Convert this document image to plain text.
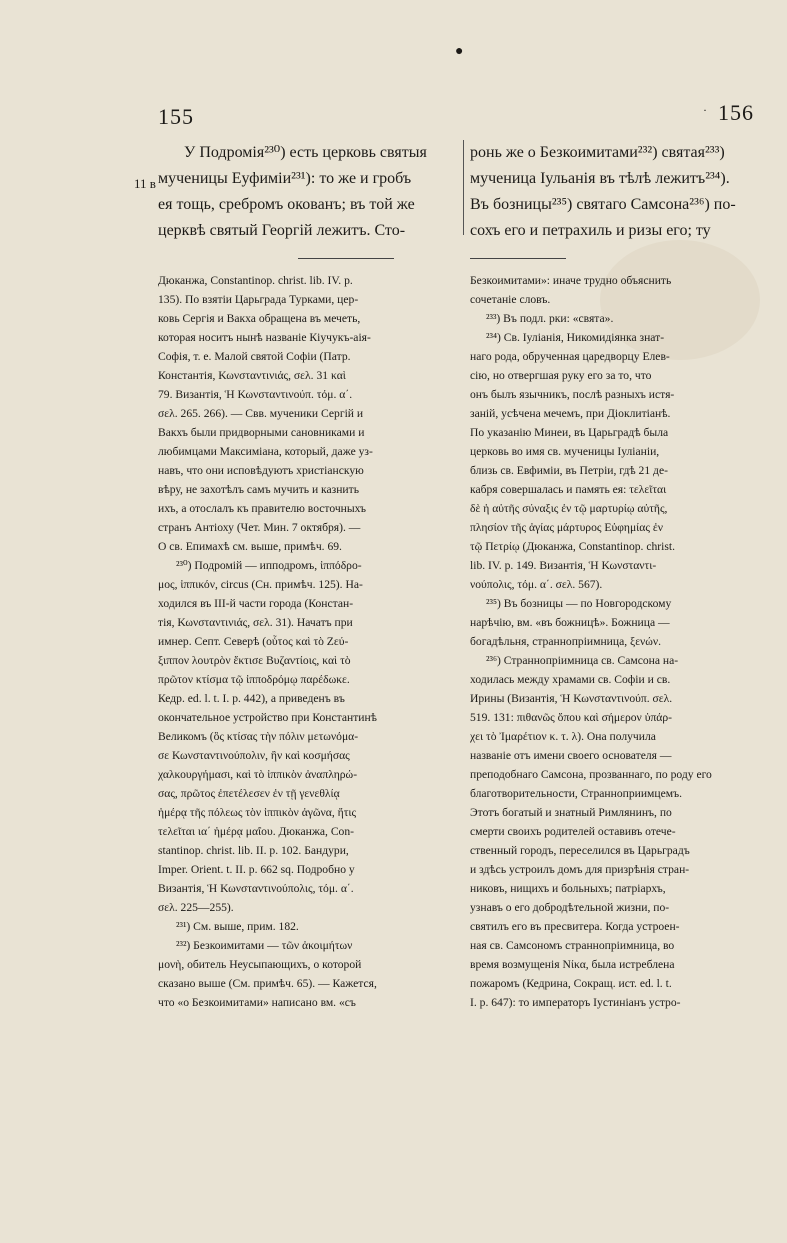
●
·
155	156
11 в
У Подромія²³⁰) есть церковь святыя
мученицы Еуфиміи²³¹): то же и гробъ
ея тощь, сребромъ окованъ; въ той же
церквѣ святый Георгій лежитъ. Сто-
Дюканжа, Constantinop. christ. lib. IV. p.
135). По взятіи Царьграда Турками, цер-
ковь Сергія и Вакха обращена въ мечеть,
которая носитъ нынѣ названіе Кіучукъ-аія-
Софія, т. е. Малой святой Софіи (Патр.
Константія, Κωνσταντινιάς, σελ. 31 καὶ
79. Византія, Ἡ Κωνσταντινούπ. τόμ. α΄.
σελ. 265. 266). — Свв. мученики Сергій и
Вакхъ были придворными сановниками и
любимцами Максиміана, который, даже уз-
навъ, что они исповѣдуютъ христіанскую
вѣру, не захотѣлъ самъ мучить и казнить
ихъ, а отослалъ къ правителю восточныхъ
странъ Антіоху (Чет. Мин. 7 октября). —
О св. Епимахѣ см. выше, примѣч. 69.
²³⁰) Подромій — ипподромъ, ἱππόδρο-
μος, ἱππικόν, circus (Сн. примѣч. 125). На-
ходился въ III-й части города (Констан-
тія, Κωνσταντινιάς, σελ. 31). Начатъ при
имнер. Септ. Северѣ (οὗτος καὶ τὸ Ζεύ-
ξιππον λουτρὸν ἔκτισε Βυζαντίοις, καὶ τὸ
πρῶτον κτίσμα τῷ ἱπποδρόμῳ παρέδωκε.
Кедр. ed. l. t. I. p. 442), а приведенъ въ
окончательное устройство при Константинѣ
Великомъ (ὃς κτίσας τὴν πόλιν μετωνόμα-
σε Κωνσταντινούπολιν, ἣν καὶ κοσμήσας
χαλκουργήμασι, καὶ τὸ ἱππικὸν ἀναπληρώ-
σας, πρῶτος ἐπετέλεσεν ἐν τῇ γενεθλίᾳ
ἡμέρᾳ τῆς πόλεως τὸν ἱππικὸν ἀγῶνα, ἥτις
τελεῖται ια΄ ἡμέρᾳ μαΐου. Дюканжа, Con-
stantinop. christ. lib. II. p. 102. Бандури,
Imper. Orient. t. II. p. 662 sq. Подробно у
Византія, Ἡ Κωνσταντινούπολις, τόμ. α΄.
σελ. 225—255).
²³¹) См. выше, прим. 182.
²³²) Безкоимитами — τῶν ἀκοιμήτων
μονὴ, обитель Неусыпающихъ, о которой
сказано выше (См. примѣч. 65). — Кажется,
что «о Безкоимитами» написано вм. «съ
ронь же о Безкоимитами²³²) святая²³³)
мученица Іульанія въ тѣлѣ лежитъ²³⁴).
Въ бозницы²³⁵) святаго Самсона²³⁶) по-
сохъ его и петрахиль и ризы его; ту
Безкоимитами»: иначе трудно объяснить
сочетаніе словъ.
²³³) Въ подл. рки: «свята».
²³⁴) Св. Іуліанія, Никомидіянка знат-
наго рода, обрученная царедворцу Елев-
сію, но отвергшая руку его за то, что
онъ былъ язычникъ, послѣ разныхъ истя-
заній, усѣчена мечемъ, при Діоклитіанѣ.
По указанію Минеи, въ Царьградѣ была
церковь во имя св. мученицы Іуліаніи,
близь св. Евфиміи, въ Петріи, гдѣ 21 де-
кабря совершалась и память ея: τελεῖται
δὲ ἡ αὐτῆς σύναξις ἐν τῷ μαρτυρίῳ αὐτῆς,
πλησίον τῆς ἁγίας μάρτυρος Εὐφημίας ἐν
τῷ Πετρίῳ (Дюканжа, Constantinop. christ.
lib. IV. p. 149. Византія, Ἡ Κωνσταντι-
νούπολις, τόμ. α΄. σελ. 567).
²³⁵) Въ бозницы — по Новгородскому
нарѣчію, вм. «въ божницѣ». Божница —
богадѣльня, страннопріимница, ξενών.
²³⁶) Страннопріимница св. Самсона на-
ходилась между храмами св. Софіи и св.
Ирины (Византія, Ἡ Κωνσταντινούπ. σελ.
519. 131: πιθανῶς ὅπου καὶ σήμερον ὑπάρ-
χει τὸ Ἰμαρέτιον κ. τ. λ). Она получила
названіе отъ имени своего основателя —
преподобнаго Самсона, прозваннаго, по роду его
благотворительности, Странноприимцемъ.
Этотъ богатый и знатный Римлянинъ, по
смерти своихъ родителей оставивъ отече-
ственный городъ, переселился въ Царьградъ
и здѣсь устроилъ домъ для призрѣнія стран-
никовъ, нищихъ и больныхъ; патріархъ,
узнавъ о его добродѣтельной жизни, по-
святилъ его въ пресвитера. Когда устроен-
ная св. Самсономъ страннопріимница, во
время возмущенія Νίκα, была истреблена
пожаромъ (Кедрина, Сокращ. ист. ed. l. t.
I. p. 647): то императоръ Іустиніанъ устро-
